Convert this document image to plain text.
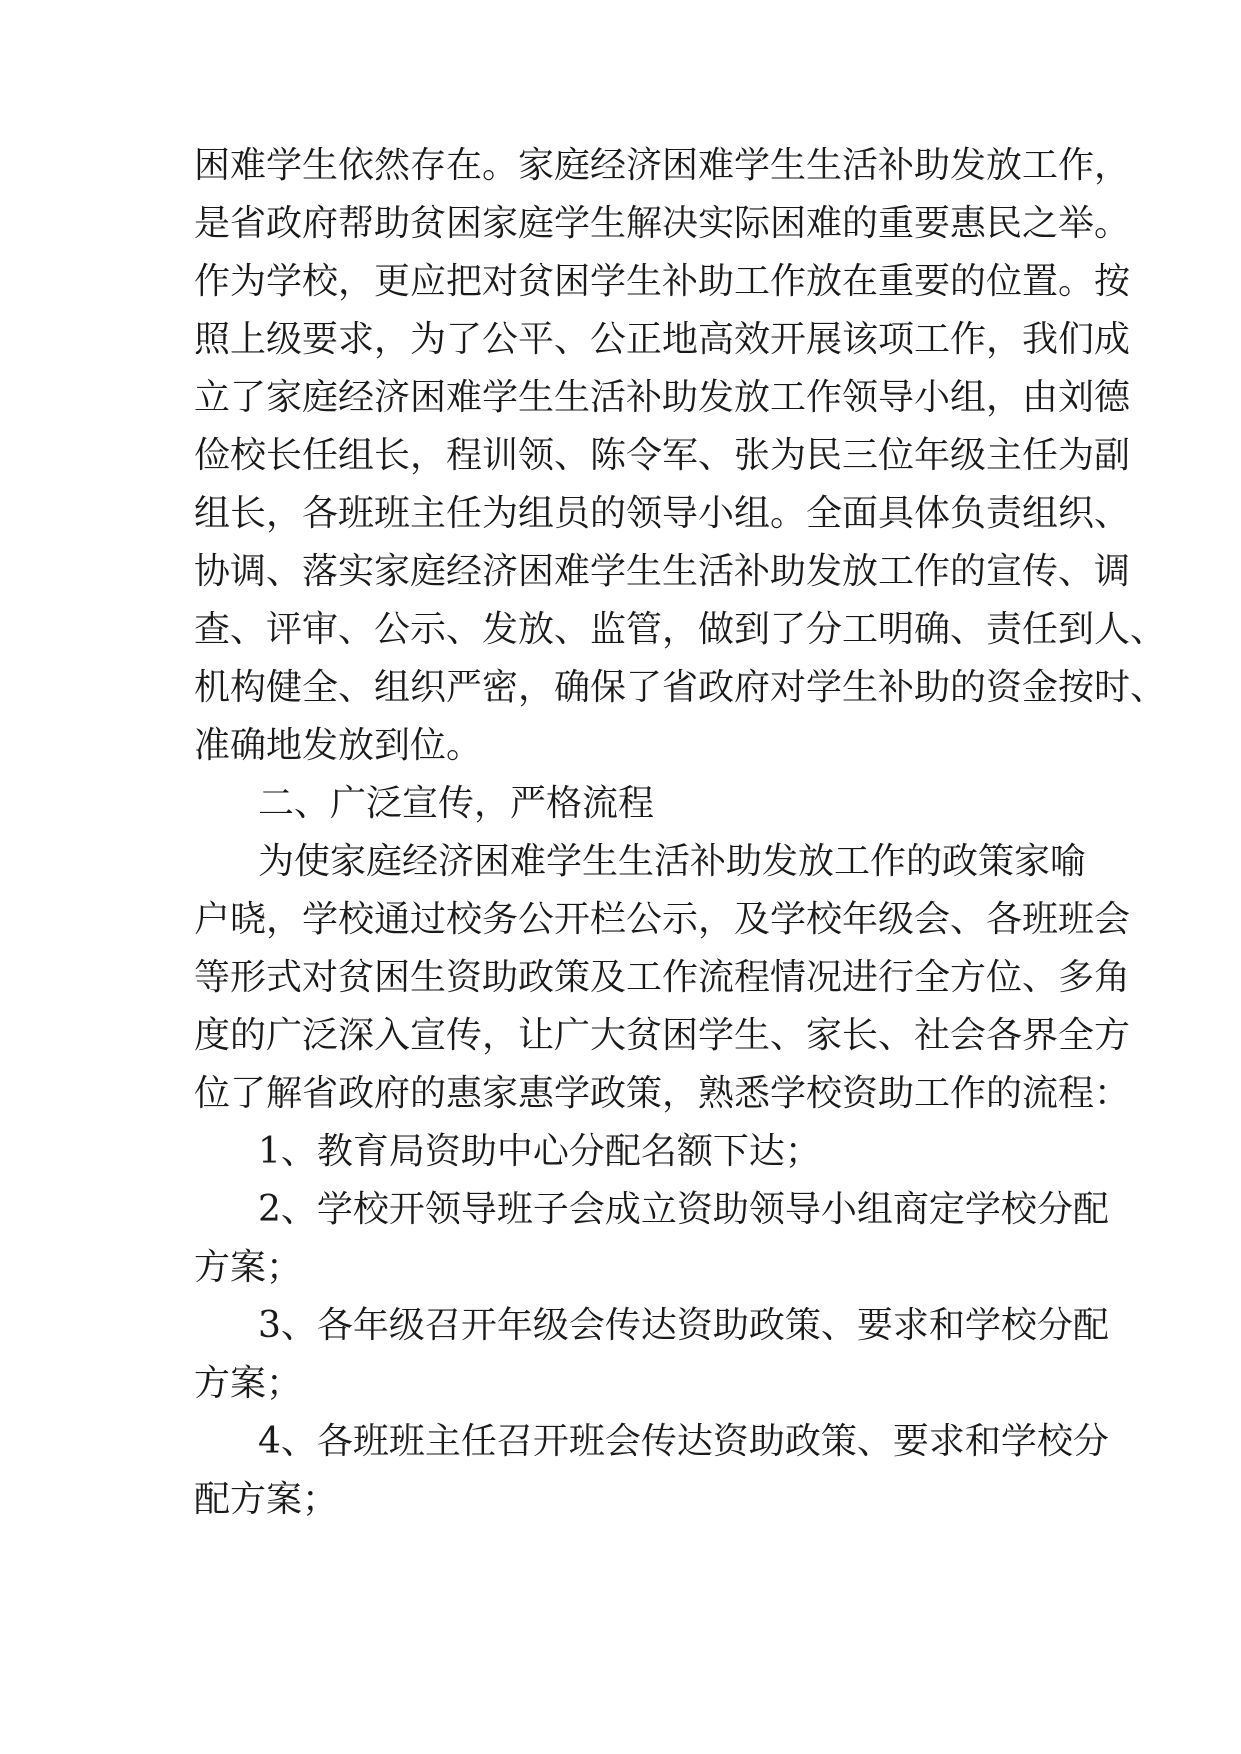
困难学生依然存在。家庭经济困难学生生活补助发放工作，
是省政府帮助贫困家庭学生解决实际困难的重要惠民之举。
作为学校，更应把对贫困学生补助工作放在重要的位置。按
照上级要求，为了公平、公正地高效开展该项工作，我们成
立了家庭经济困难学生生活补助发放工作领导小组，由刘德
俭校长任组长，程训领、陈令军、张为民三位年级主任为副
组长，各班班主任为组员的领导小组。全面具体负责组织、
协调、落实家庭经济困难学生生活补助发放工作的宣传、调
查、评审、公示、发放、监管，做到了分工明确、责任到人、
机构健全、组织严密，确保了省政府对学生补助的资金按时、
准确地发放到位。
二、广泛宣传，严格流程
为使家庭经济困难学生生活补助发放工作的政策家喻
户晓，学校通过校务公开栏公示，及学校年级会、各班班会
等形式对贫困生资助政策及工作流程情况进行全方位、多角
度的广泛深入宣传，让广大贫困学生、家长、社会各界全方
位了解省政府的惠家惠学政策，熟悉学校资助工作的流程：
1、教育局资助中心分配名额下达；
2、学校开领导班子会成立资助领导小组商定学校分配
方案；
3、各年级召开年级会传达资助政策、要求和学校分配
方案；
4、各班班主任召开班会传达资助政策、要求和学校分
配方案；
